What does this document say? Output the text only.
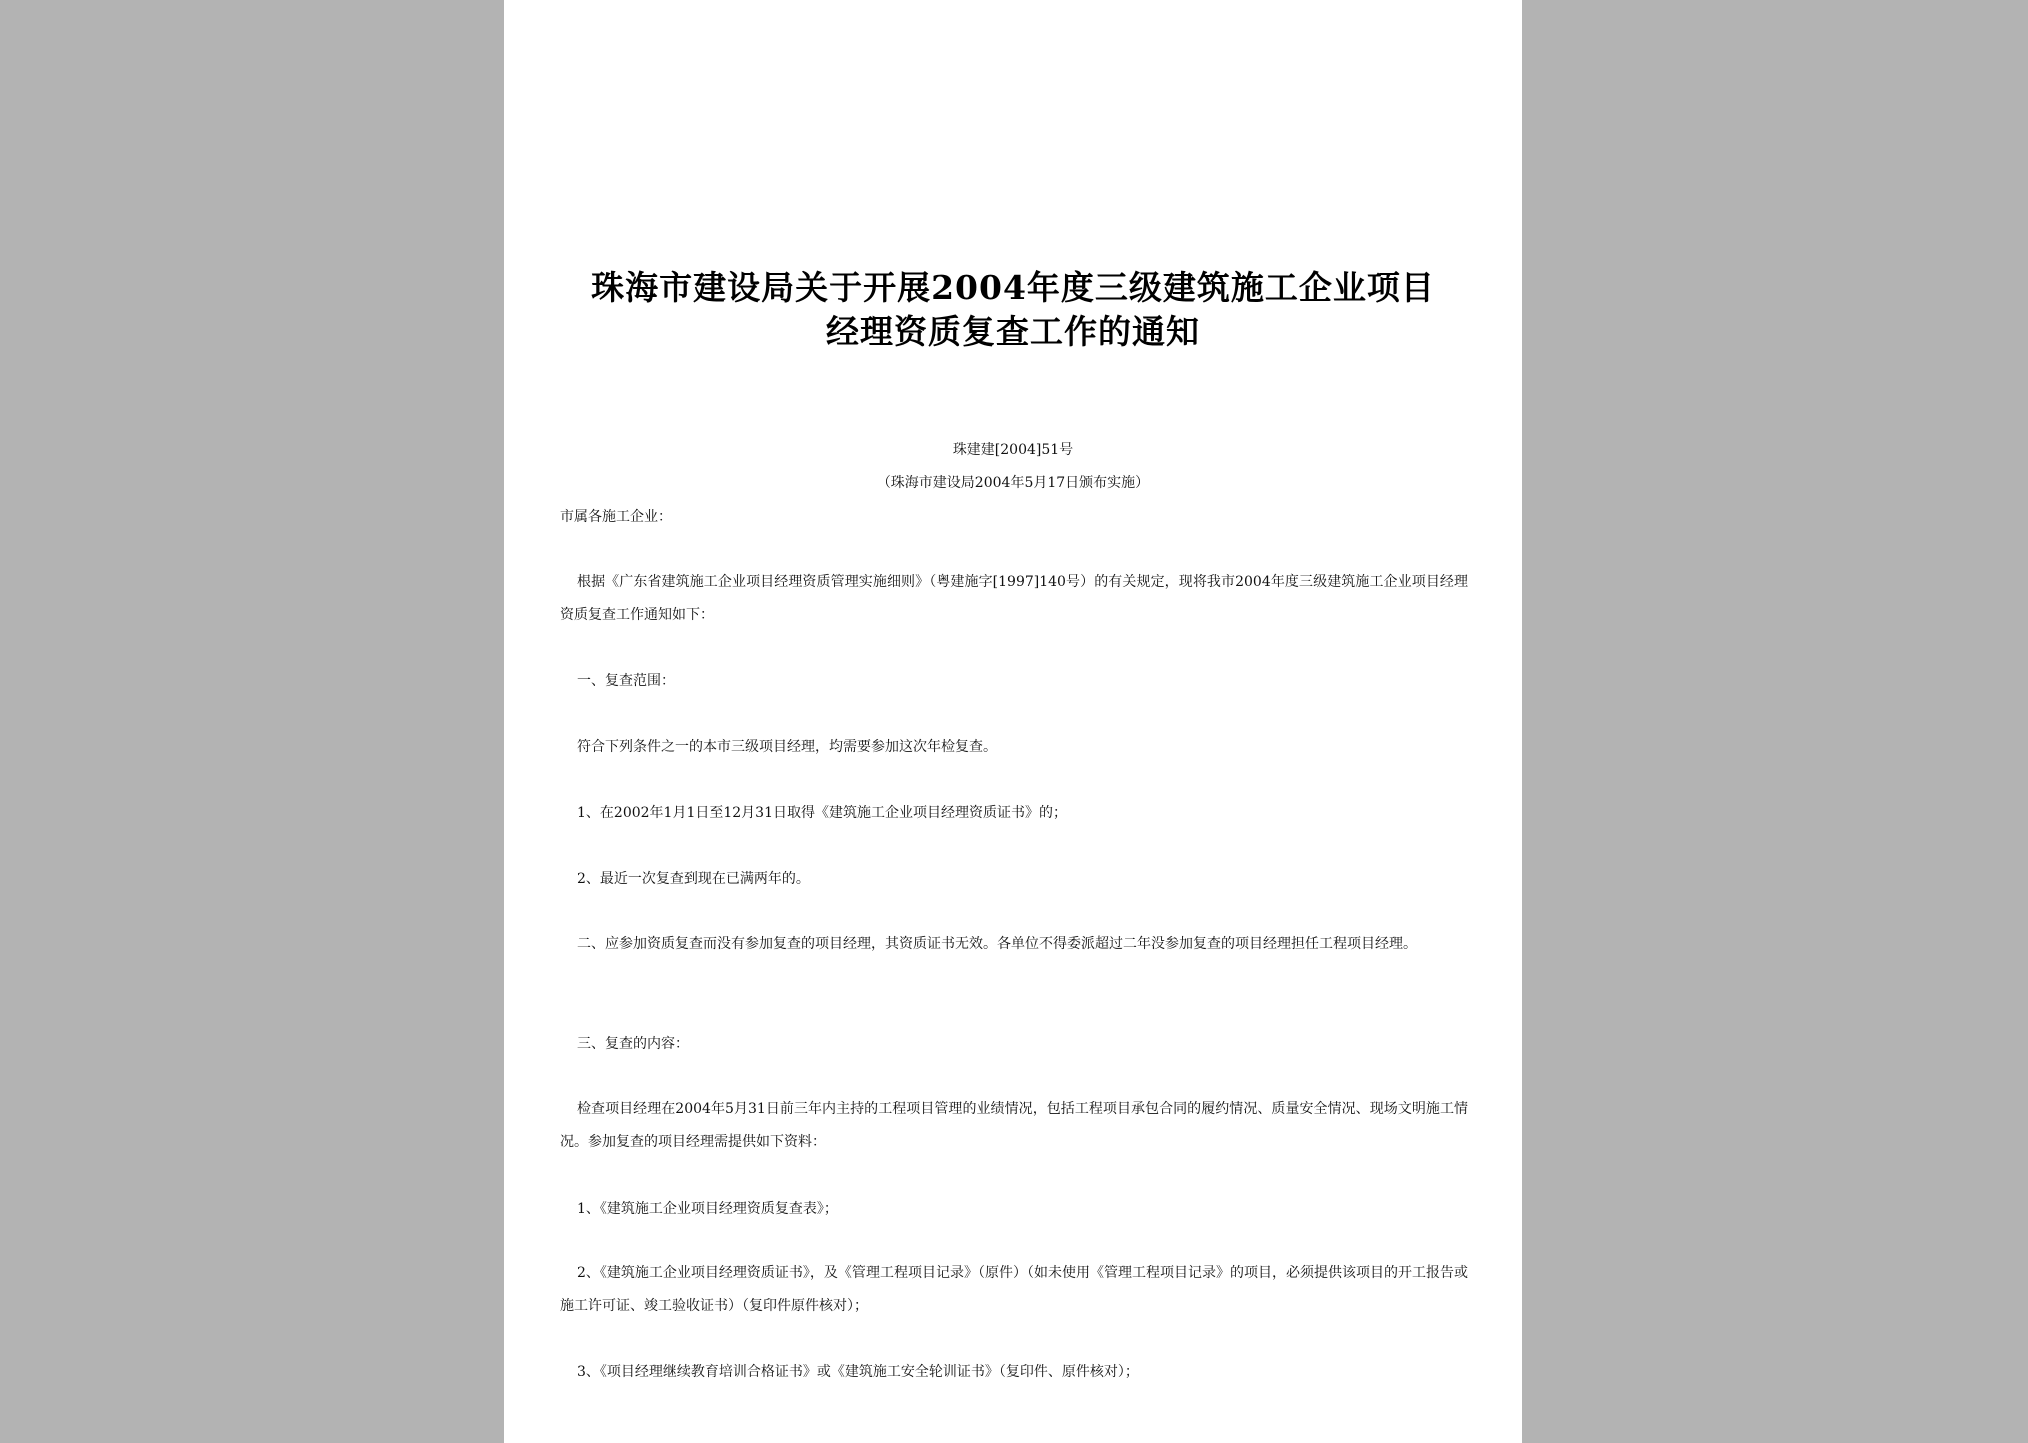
珠海市建设局关于开展2004年度三级建筑施工企业项目
经理资质复查工作的通知
珠建建[2004]51号
（珠海市建设局2004年5月17日颁布实施）

市属各施工企业：

根据《广东省建筑施工企业项目经理资质管理实施细则》（粤建施字[1997]140号）的有关规定，现将我市2004年度三级建筑施工企业项目经理资质复查工作通知如下：

一、复查范围：

符合下列条件之一的本市三级项目经理，均需要参加这次年检复查。

1、在2002年1月1日至12月31日取得《建筑施工企业项目经理资质证书》的；

2、最近一次复查到现在已满两年的。

二、应参加资质复查而没有参加复查的项目经理，其资质证书无效。各单位不得委派超过二年没参加复查的项目经理担任工程项目经理。

三、复查的内容：

检查项目经理在2004年5月31日前三年内主持的工程项目管理的业绩情况，包括工程项目承包合同的履约情况、质量安全情况、现场文明施工情况。参加复查的项目经理需提供如下资料：

1、《建筑施工企业项目经理资质复查表》；

2、《建筑施工企业项目经理资质证书》，及《管理工程项目记录》（原件）（如未使用《管理工程项目记录》的项目，必须提供该项目的开工报告或施工许可证、竣工验收证书）（复印件原件核对）；

3、《项目经理继续教育培训合格证书》或《建筑施工安全轮训证书》（复印件、原件核对）；
